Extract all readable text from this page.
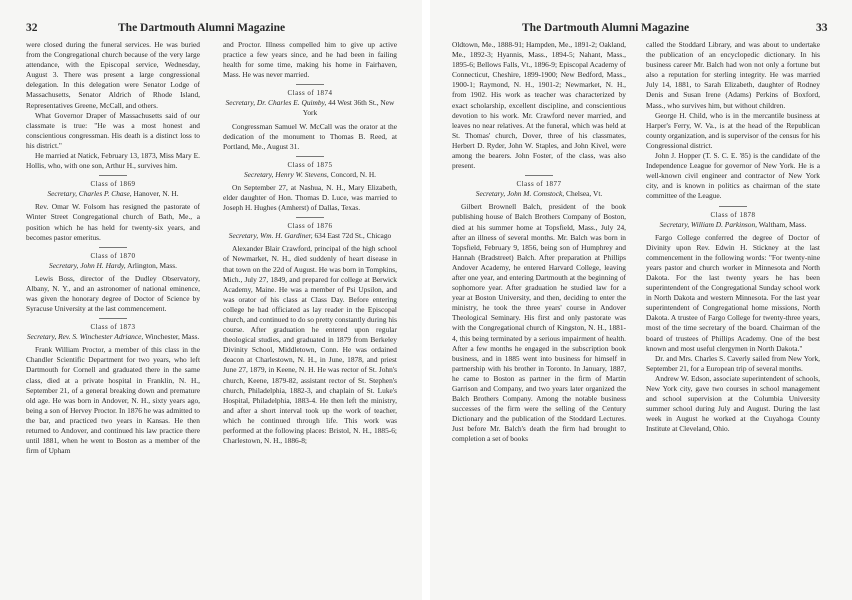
32	The Dartmouth Alumni Magazine

were closed during the funeral services. He was buried from the Congregational church because of the very large attendance, with the Episcopal service, Wednesday, August 3. There was present a large congressional delegation. In this delegation were Senator Lodge of Massachusetts, Senator Aldrich of Rhode Island, Representatives Greene, McCall, and others.

What Governor Draper of Massachusetts said of our classmate is true: "He was a most honest and conscientious congressman. His death is a distinct loss to his district."

He married at Natick, February 13, 1873, Miss Mary E. Hollis, who, with one son, Arthur H., survives him.

Class of 1869
Secretary, Charles P. Chase, Hanover, N. H.

Rev. Omar W. Folsom has resigned the pastorate of Winter Street Congregational church of Bath, Me., a position which he has held for twenty-six years, and becomes pastor emeritus.

Class of 1870
Secretary, John H. Hardy, Arlington, Mass.

Lewis Boss, director of the Dudley Observatory, Albany, N. Y., and an astronomer of national eminence, was given the honorary degree of Doctor of Science by Syracuse University at the last commencement.

Class of 1873
Secretary, Rev. S. Winchester Adriance, Winchester, Mass.

Frank William Proctor, a member of this class in the Chandler Scientific Department for two years, who left Dartmouth for Cornell and graduated there in the same class, died at a private hospital in Franklin, N. H., September 21, of a general breaking down and premature old age. He was born in Andover, N. H., sixty years ago, being a son of Hervey Proctor. In 1876 he was admitted to the bar, and practiced two years in Kansas. He then returned to Andover, and continued his law practice there until 1881, when he went to Boston as a member of the firm of Upham

and Proctor. Illness compelled him to give up active practice a few years since, and he had been in failing health for some time, making his home in Fairhaven, Mass. He was never married.

Class of 1874
Secretary, Dr. Charles E. Quimby, 44 West 36th St., New York

Congressman Samuel W. McCall was the orator at the dedication of the monument to Thomas B. Reed, at Portland, Me., August 31.

Class of 1875
Secretary, Henry W. Stevens, Concord, N. H.

On September 27, at Nashua, N. H., Mary Elizabeth, elder daughter of Hon. Thomas D. Luce, was married to Joseph H. Hughes (Amherst) of Dallas, Texas.

Class of 1876
Secretary, Wm. H. Gardiner, 634 East 72d St., Chicago

Alexander Blair Crawford, principal of the high school of Newmarket, N. H., died suddenly of heart disease in that town on the 22d of August. He was born in Tompkins, Mich., July 27, 1849, and prepared for college at Berwick Academy, Maine. He was a member of Psi Upsilon, and was orator of his class at Class Day. Before entering college he had officiated as lay reader in the Episcopal church, and continued to do so pretty constantly during his course. After graduation he entered upon regular theological studies, and graduated in 1879 from Berkeley Divinity School, Middletown, Conn. He was ordained deacon at Charlestown, N. H., in June, 1878, and priest June 27, 1879, in Keene, N. H. He was rector of St. John's church, Keene, 1879-82, assistant rector of St. Stephen's church, Philadelphia, 1882-3, and chaplain of St. Luke's Hospital, Philadelphia, 1883-4. He then left the ministry, and after a short interval took up the work of teacher, which he continued through life. This work was performed at the following places: Bristol, N. H., 1885-6; Charlestown, N. H., 1886-8;

The Dartmouth Alumni Magazine	33

Oldtown, Me., 1888-91; Hampden, Me., 1891-2; Oakland, Me., 1892-3; Hyannis, Mass., 1894-5; Nahant, Mass., 1895-6; Bellows Falls, Vt., 1896-9; Episcopal Academy of Connecticut, Cheshire, 1899-1900; New Bedford, Mass., 1900-1; Raymond, N. H., 1901-2; Newmarket, N. H., from 1902. His work as teacher was characterized by exact scholarship, excellent discipline, and conscientious devotion to his work. Mr. Crawford never married, and leaves no near relatives. At the funeral, which was held at St. Thomas' church, Dover, three of his classmates, Herbert D. Ryder, John W. Staples, and John Kivel, were among the bearers. John Foster, of the class, was also present.

Class of 1877
Secretary, John M. Comstock, Chelsea, Vt.

Gilbert Brownell Balch, president of the book publishing house of Balch Brothers Company of Boston, died at his summer home at Topsfield, Mass., July 24, after an illness of several months. Mr. Balch was born in Topsfield, February 9, 1856, being son of Humphrey and Hannah (Bradstreet) Balch. After preparation at Phillips Andover Academy, he entered Harvard College, leaving after one year, and entering Dartmouth at the beginning of sophomore year. After graduation he studied law for a year at Boston University, and then, deciding to enter the ministry, he took the three years' course in Andover Theological Seminary. His first and only pastorate was with the Congregational church of Kingston, N. H., 1881-4, this being terminated by a serious impairment of health. After a few months he engaged in the subscription book business, and in 1885 went into business for himself in partnership with his brother in Toronto. In January, 1887, he came to Boston as partner in the firm of Martin Garrison and Company, and two years later organized the Balch Brothers Company. Among the notable business successes of the firm were the selling of the Century Dictionary and the publication of the Stoddard Lectures. Just before Mr. Balch's death the firm had brought to completion a set of books

called the Stoddard Library, and was about to undertake the publication of an encyclopedic dictionary. In his business career Mr. Balch had won not only a fortune but also a reputation for sterling integrity. He was married July 14, 1881, to Sarah Elizabeth, daughter of Rodney Denis and Susan Irene (Adams) Perkins of Boxford, Mass., who survives him, but without children.

George H. Child, who is in the mercantile business at Harper's Ferry, W. Va., is at the head of the Republican county organization, and is supervisor of the census for his Congressional district.

John J. Hopper (T. S. C. E. '85) is the candidate of the Independence League for governor of New York. He is a well-known civil engineer and contractor of New York city, and is known in politics as chairman of the state committee of the League.

Class of 1878
Secretary, William D. Parkinson, Waltham, Mass.

Fargo College conferred the degree of Doctor of Divinity upon Rev. Edwin H. Stickney at the last commencement in the following words: "For twenty-nine years pastor and church worker in Minnesota and North Dakota. For the last twenty years he has been superintendent of the Congregational Sunday school work in North Dakota and western Minnesota. For the last year superintendent of Congregational home missions, North Dakota. A trustee of Fargo College for twenty-three years, most of the time secretary of the board. Chairman of the board of trustees of Phillips Academy. One of the best known and most useful clergymen in North Dakota."

Dr. and Mrs. Charles S. Caverly sailed from New York, September 21, for a European trip of several months.

Andrew W. Edson, associate superintendent of schools, New York city, gave two courses in school management and school supervision at the Columbia University summer school during July and August. During the last week in August he worked at the Cuyahoga County Institute at Cleveland, Ohio.
